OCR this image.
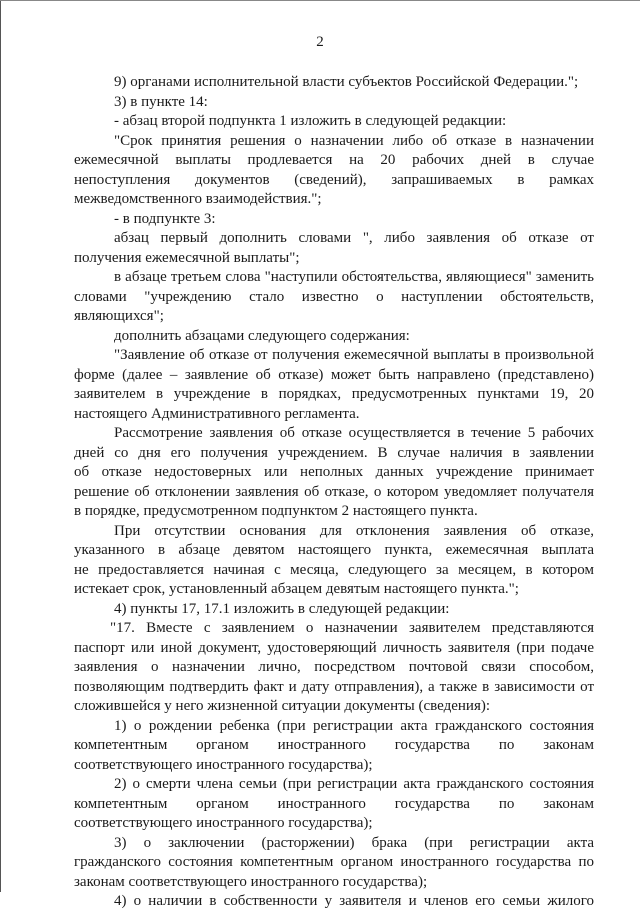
2
9) органами исполнительной власти субъектов Российской Федерации.";
3) в пункте 14:
- абзац второй подпункта 1 изложить в следующей редакции:
"Срок принятия решения о назначении либо об отказе в назначении
ежемесячной выплаты продлевается на 20 рабочих дней в случае
непоступления документов (сведений), запрашиваемых в рамках
межведомственного взаимодействия.";
- в подпункте 3:
абзац первый дополнить словами ", либо заявления об отказе от
получения ежемесячной выплаты";
в абзаце третьем слова "наступили обстоятельства, являющиеся" заменить
словами "учреждению стало известно о наступлении обстоятельств,
являющихся";
дополнить абзацами следующего содержания:
"Заявление об отказе от получения ежемесячной выплаты в произвольной
форме (далее – заявление об отказе) может быть направлено (представлено)
заявителем в учреждение в порядках, предусмотренных пунктами 19, 20
настоящего Административного регламента.
Рассмотрение заявления об отказе осуществляется в течение 5 рабочих
дней со дня его получения учреждением. В случае наличия в заявлении
об отказе недостоверных или неполных данных учреждение принимает
решение об отклонении заявления об отказе, о котором уведомляет получателя
в порядке, предусмотренном подпунктом 2 настоящего пункта.
При отсутствии основания для отклонения заявления об отказе,
указанного в абзаце девятом настоящего пункта, ежемесячная выплата
не предоставляется начиная с месяца, следующего за месяцем, в котором
истекает срок, установленный абзацем девятым настоящего пункта.";
4) пункты 17, 17.1 изложить в следующей редакции:
"17. Вместе с заявлением о назначении заявителем представляются
паспорт или иной документ, удостоверяющий личность заявителя (при подаче
заявления о назначении лично, посредством почтовой связи способом,
позволяющим подтвердить факт и дату отправления), а также в зависимости от
сложившейся у него жизненной ситуации документы (сведения):
1) о рождении ребенка (при регистрации акта гражданского состояния
компетентным органом иностранного государства по законам
соответствующего иностранного государства);
2) о смерти члена семьи (при регистрации акта гражданского состояния
компетентным органом иностранного государства по законам
соответствующего иностранного государства);
3) о заключении (расторжении) брака (при регистрации акта
гражданского состояния компетентным органом иностранного государства по
законам соответствующего иностранного государства);
4) о наличии в собственности у заявителя и членов его семьи жилого
